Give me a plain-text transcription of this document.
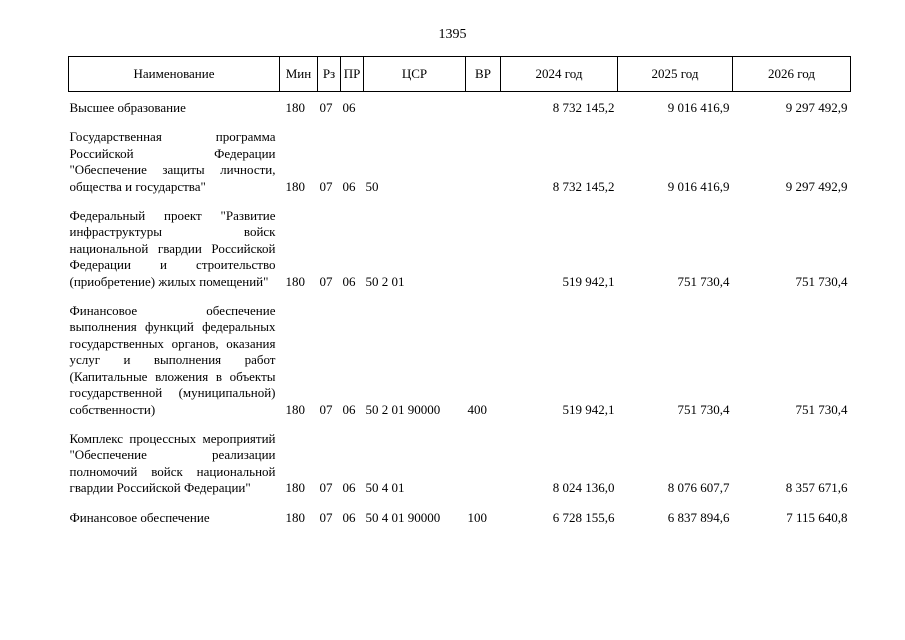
1395
Наименование	Мин	Рз	ПР	ЦСР	ВР	2024 год	2025 год	2026 год
Высшее образование	180	07	06			8 732 145,2	9 016 416,9	9 297 492,9
Государственная программа Российской Федерации "Обеспечение защиты личности, общества и государства"	180	07	06	50		8 732 145,2	9 016 416,9	9 297 492,9
Федеральный проект "Развитие инфраструктуры войск национальной гвардии Российской Федерации и строительство (приобретение) жилых помещений"	180	07	06	50 2 01		519 942,1	751 730,4	751 730,4
Финансовое обеспечение выполнения функций федеральных государственных органов, оказания услуг и выполнения работ (Капитальные вложения в объекты государственной (муниципальной) собственности)	180	07	06	50 2 01 90000	400	519 942,1	751 730,4	751 730,4
Комплекс процессных мероприятий "Обеспечение реализации полномочий войск национальной гвардии Российской Федерации"	180	07	06	50 4 01		8 024 136,0	8 076 607,7	8 357 671,6
Финансовое обеспечение	180	07	06	50 4 01 90000	100	6 728 155,6	6 837 894,6	7 115 640,8
